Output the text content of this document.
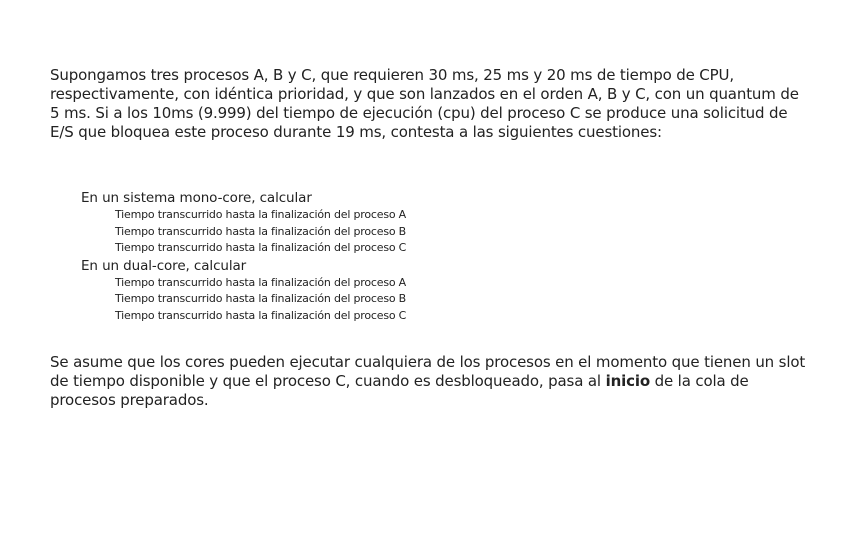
Supongamos tres procesos A, B y C, que requieren 30 ms, 25 ms y 20 ms de tiempo de CPU, respectivamente, con idéntica prioridad, y que son lanzados en el orden A, B y C, con un quantum de 5 ms. Si a los 10ms (9.999) del tiempo de ejecución (cpu) del proceso C se produce una solicitud de E/S que bloquea este proceso durante 19 ms, contesta a las siguientes cuestiones:
En un sistema mono-core, calcular
Tiempo transcurrido hasta la finalización del proceso A
Tiempo transcurrido hasta la finalización del proceso B
Tiempo transcurrido hasta la finalización del proceso C
En un dual-core, calcular
Tiempo transcurrido hasta la finalización del proceso A
Tiempo transcurrido hasta la finalización del proceso B
Tiempo transcurrido hasta la finalización del proceso C
Se asume que los cores pueden ejecutar cualquiera de los procesos en el momento que tienen un slot de tiempo disponible y que el proceso C, cuando es desbloqueado, pasa al inicio de la cola de procesos preparados.
